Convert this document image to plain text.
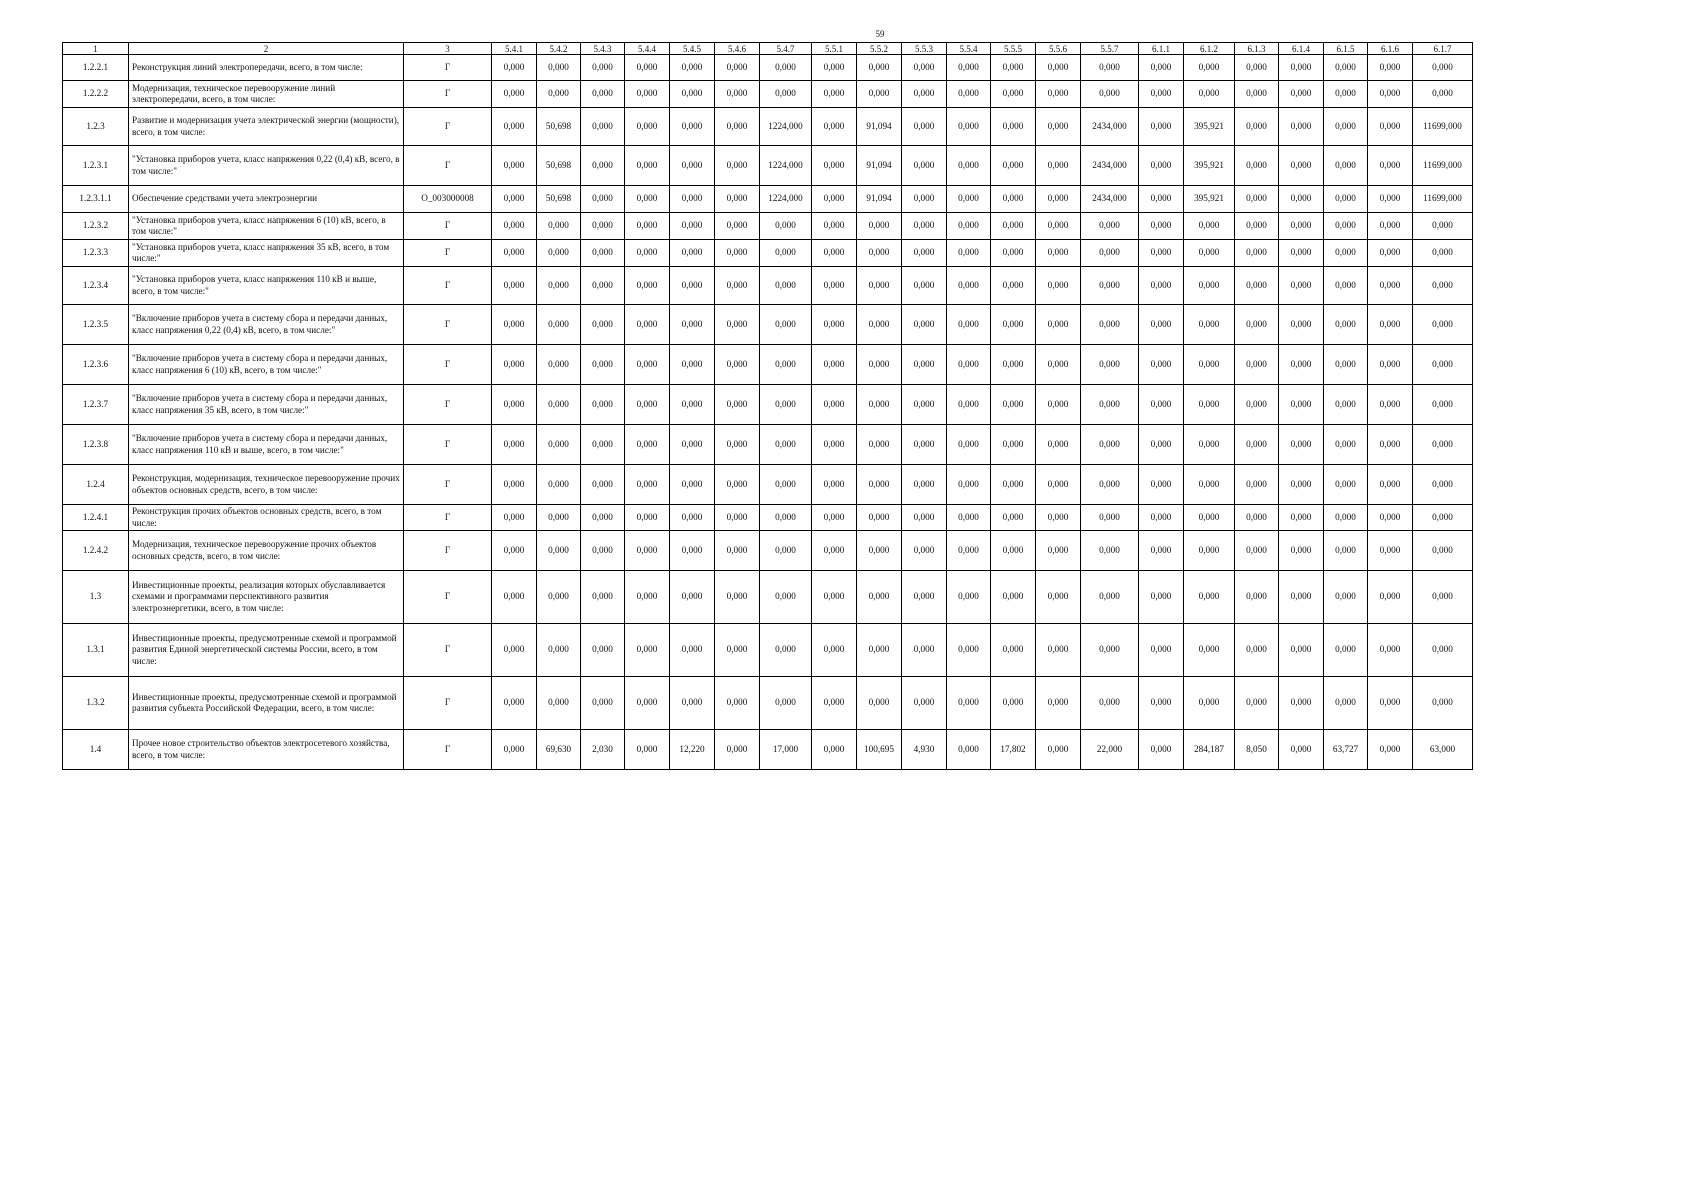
59
1	2	3	5.4.1	5.4.2	5.4.3	5.4.4	5.4.5	5.4.6	5.4.7	5.5.1	5.5.2	5.5.3	5.5.4	5.5.5	5.5.6	5.5.7	6.1.1	6.1.2	6.1.3	6.1.4	6.1.5	6.1.6	6.1.7
1.2.2.1	Реконструкция линий электропередачи, всего, в том числе:	Г	0,000	0,000	0,000	0,000	0,000	0,000	0,000	0,000	0,000	0,000	0,000	0,000	0,000	0,000	0,000	0,000	0,000	0,000	0,000	0,000	0,000
1.2.2.2	Модернизация, техническое перевооружение линий электропередачи, всего, в том числе:	Г	0,000	0,000	0,000	0,000	0,000	0,000	0,000	0,000	0,000	0,000	0,000	0,000	0,000	0,000	0,000	0,000	0,000	0,000	0,000	0,000	0,000
1.2.3	Развитие и модернизация учета электрической энергии (мощности), всего, в том числе:	Г	0,000	50,698	0,000	0,000	0,000	0,000	1224,000	0,000	91,094	0,000	0,000	0,000	0,000	2434,000	0,000	395,921	0,000	0,000	0,000	0,000	11699,000
1.2.3.1	"Установка приборов учета, класс напряжения 0,22 (0,4) кВ, всего, в том числе:"	Г	0,000	50,698	0,000	0,000	0,000	0,000	1224,000	0,000	91,094	0,000	0,000	0,000	0,000	2434,000	0,000	395,921	0,000	0,000	0,000	0,000	11699,000
1.2.3.1.1	Обеспечение средствами учета электроэнергии	O_003000008	0,000	50,698	0,000	0,000	0,000	0,000	1224,000	0,000	91,094	0,000	0,000	0,000	0,000	2434,000	0,000	395,921	0,000	0,000	0,000	0,000	11699,000
1.2.3.2	"Установка приборов учета, класс напряжения 6 (10) кВ, всего, в том числе:"	Г	0,000	0,000	0,000	0,000	0,000	0,000	0,000	0,000	0,000	0,000	0,000	0,000	0,000	0,000	0,000	0,000	0,000	0,000	0,000	0,000	0,000
1.2.3.3	"Установка приборов учета, класс напряжения 35 кВ, всего, в том числе:"	Г	0,000	0,000	0,000	0,000	0,000	0,000	0,000	0,000	0,000	0,000	0,000	0,000	0,000	0,000	0,000	0,000	0,000	0,000	0,000	0,000	0,000
1.2.3.4	"Установка приборов учета, класс напряжения 110 кВ и выше, всего, в том числе:"	Г	0,000	0,000	0,000	0,000	0,000	0,000	0,000	0,000	0,000	0,000	0,000	0,000	0,000	0,000	0,000	0,000	0,000	0,000	0,000	0,000	0,000
1.2.3.5	"Включение приборов учета в систему сбора и передачи данных, класс напряжения 0,22 (0,4) кВ, всего, в том числе:"	Г	0,000	0,000	0,000	0,000	0,000	0,000	0,000	0,000	0,000	0,000	0,000	0,000	0,000	0,000	0,000	0,000	0,000	0,000	0,000	0,000	0,000
1.2.3.6	"Включение приборов учета в систему сбора и передачи данных, класс напряжения 6 (10) кВ, всего, в том числе:"	Г	0,000	0,000	0,000	0,000	0,000	0,000	0,000	0,000	0,000	0,000	0,000	0,000	0,000	0,000	0,000	0,000	0,000	0,000	0,000	0,000	0,000
1.2.3.7	"Включение приборов учета в систему сбора и передачи данных, класс напряжения 35 кВ, всего, в том числе:"	Г	0,000	0,000	0,000	0,000	0,000	0,000	0,000	0,000	0,000	0,000	0,000	0,000	0,000	0,000	0,000	0,000	0,000	0,000	0,000	0,000	0,000
1.2.3.8	"Включение приборов учета в систему сбора и передачи данных, класс напряжения 110 кВ и выше, всего, в том числе:"	Г	0,000	0,000	0,000	0,000	0,000	0,000	0,000	0,000	0,000	0,000	0,000	0,000	0,000	0,000	0,000	0,000	0,000	0,000	0,000	0,000	0,000
1.2.4	Реконструкция, модернизация, техническое перевооружение прочих объектов основных средств, всего, в том числе:	Г	0,000	0,000	0,000	0,000	0,000	0,000	0,000	0,000	0,000	0,000	0,000	0,000	0,000	0,000	0,000	0,000	0,000	0,000	0,000	0,000	0,000
1.2.4.1	Реконструкция прочих объектов основных средств, всего, в том числе:	Г	0,000	0,000	0,000	0,000	0,000	0,000	0,000	0,000	0,000	0,000	0,000	0,000	0,000	0,000	0,000	0,000	0,000	0,000	0,000	0,000	0,000
1.2.4.2	Модернизация, техническое перевооружение прочих объектов основных средств, всего, в том числе:	Г	0,000	0,000	0,000	0,000	0,000	0,000	0,000	0,000	0,000	0,000	0,000	0,000	0,000	0,000	0,000	0,000	0,000	0,000	0,000	0,000	0,000
1.3	Инвестиционные проекты, реализация которых обуславливается схемами и программами перспективного развития электроэнергетики, всего, в том числе:	Г	0,000	0,000	0,000	0,000	0,000	0,000	0,000	0,000	0,000	0,000	0,000	0,000	0,000	0,000	0,000	0,000	0,000	0,000	0,000	0,000	0,000
1.3.1	Инвестиционные проекты, предусмотренные схемой и программой развития Единой энергетической системы России, всего, в том числе:	Г	0,000	0,000	0,000	0,000	0,000	0,000	0,000	0,000	0,000	0,000	0,000	0,000	0,000	0,000	0,000	0,000	0,000	0,000	0,000	0,000	0,000
1.3.2	Инвестиционные проекты, предусмотренные схемой и программой развития субъекта Российской Федерации, всего, в том числе:	Г	0,000	0,000	0,000	0,000	0,000	0,000	0,000	0,000	0,000	0,000	0,000	0,000	0,000	0,000	0,000	0,000	0,000	0,000	0,000	0,000	0,000
1.4	Прочее новое строительство объектов электросетевого хозяйства, всего, в том числе:	Г	0,000	69,630	2,030	0,000	12,220	0,000	17,000	0,000	100,695	4,930	0,000	17,802	0,000	22,000	0,000	284,187	8,050	0,000	63,727	0,000	63,000
